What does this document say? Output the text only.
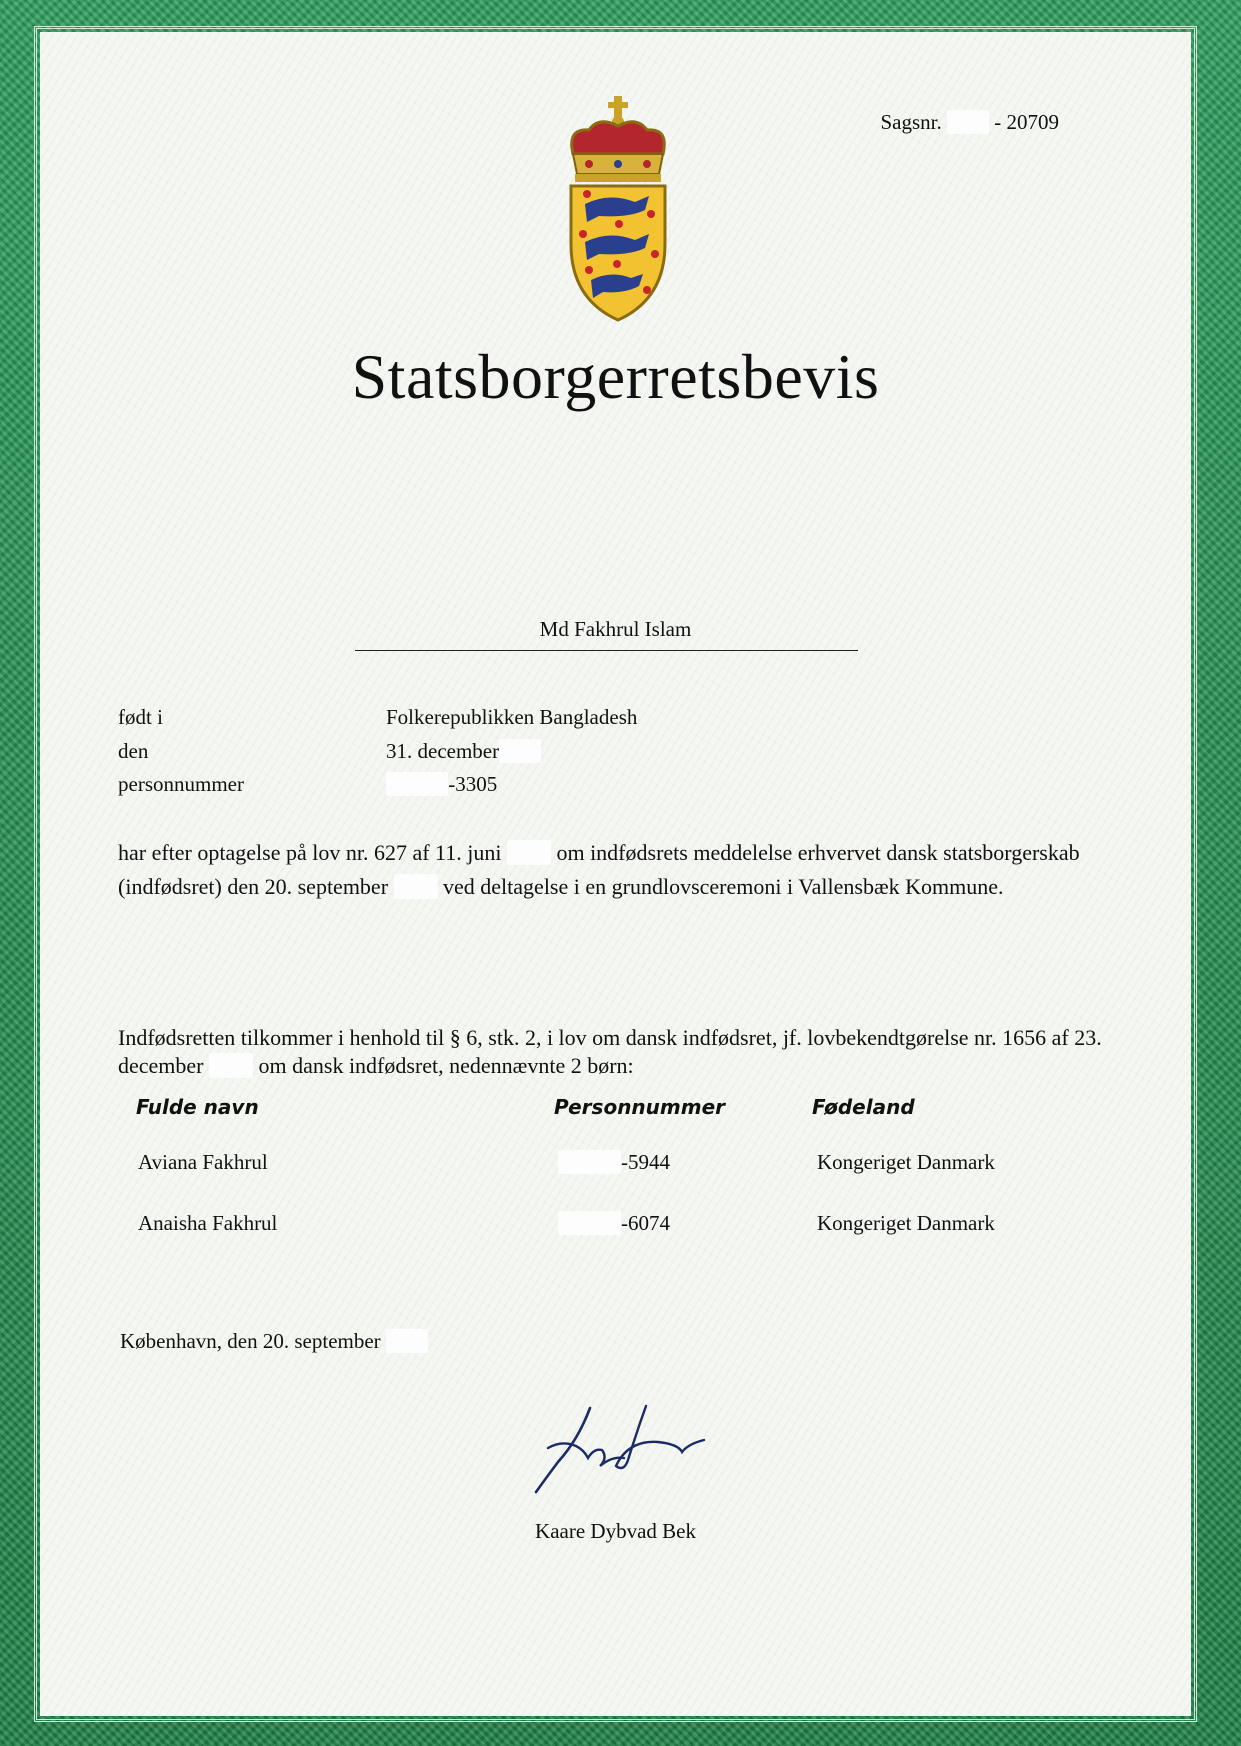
Sagsnr.	- 20709
Statsborgerretsbevis
Md Fakhrul Islam
født i	Folkerepublikken Bangladesh
den	31. december
personnummer	-3305
har efter optagelse på lov nr. 627 af 11. juni	om indfødsrets meddelelse erhvervet dansk statsborgerskab (indfødsret) den 20. september	ved deltagelse i en grundlovsceremoni i Vallensbæk Kommune.
Indfødsretten tilkommer i henhold til § 6, stk. 2, i lov om dansk indfødsret, jf. lovbekendtgørelse nr. 1656 af 23. december	om dansk indfødsret, nedennævnte 2 børn:
Fulde navn	Personnummer	Fødeland
Aviana Fakhrul	-5944	Kongeriget Danmark
Anaisha Fakhrul	-6074	Kongeriget Danmark
København, den 20. september
Kaare Dybvad Bek
